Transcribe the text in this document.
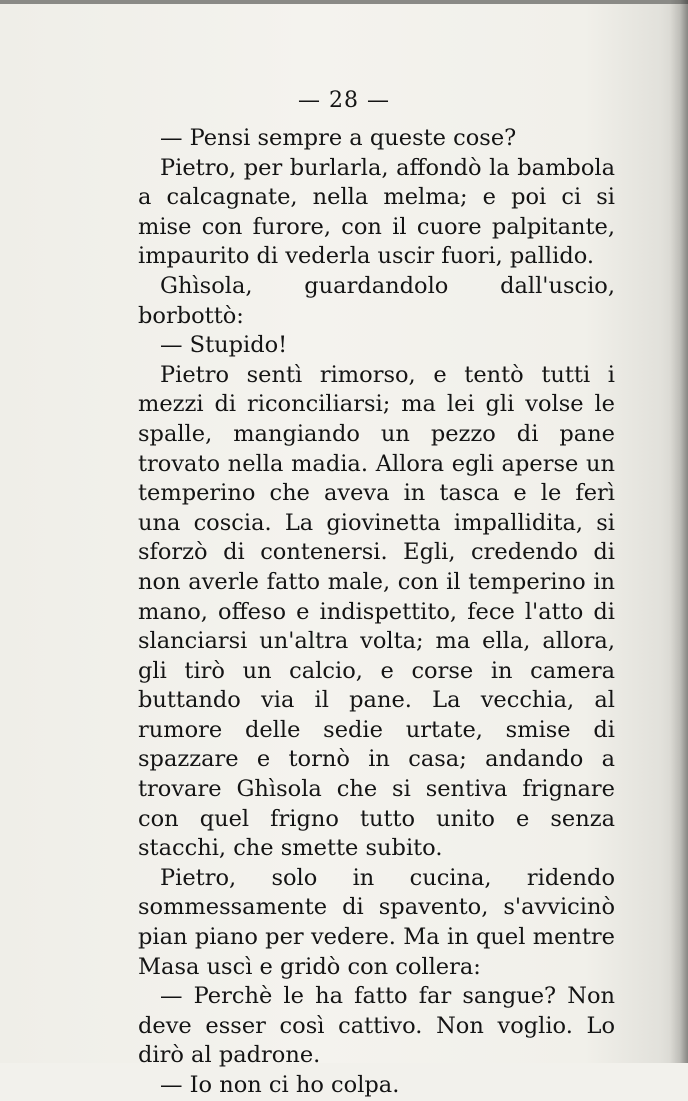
— 28 —

— Pensi sempre a queste cose?

Pietro, per burlarla, affondò la bambola a calcagnate, nella melma; e poi ci si mise con furore, con il cuore palpitante, impaurito di vederla uscir fuori, pallido.

Ghìsola, guardandolo dall'uscio, borbottò:

— Stupido!

Pietro sentì rimorso, e tentò tutti i mezzi di riconciliarsi; ma lei gli volse le spalle, mangiando un pezzo di pane trovato nella madia. Allora egli aperse un temperino che aveva in tasca e le ferì una coscia. La giovinetta impallidita, si sforzò di contenersi. Egli, credendo di non averle fatto male, con il temperino in mano, offeso e indispettito, fece l'atto di slanciarsi un'altra volta; ma ella, allora, gli tirò un calcio, e corse in camera buttando via il pane. La vecchia, al rumore delle sedie urtate, smise di spazzare e tornò in casa; andando a trovare Ghìsola che si sentiva frignare con quel frigno tutto unito e senza stacchi, che smette subito.

Pietro, solo in cucina, ridendo sommessamente di spavento, s'avvicinò pian piano per vedere. Ma in quel mentre Masa uscì e gridò con collera:

— Perchè le ha fatto far sangue? Non deve esser così cattivo. Non voglio. Lo dirò al padrone.

— Io non ci ho colpa.
